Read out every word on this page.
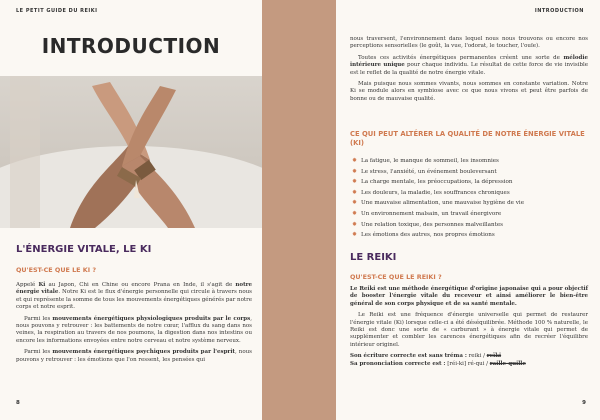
LE PETIT GUIDE DU REIKI
INTRODUCTION
L'ÉNERGIE VITALE, LE KI
QU'EST-CE QUE LE KI ?

Appelé Ki au Japon, Chi en Chine ou encore Prana en Inde, il s'agit de notre énergie vitale. Notre Ki est le flux d'énergie personnelle qui circule à travers nous et qui représente la somme de tous les mouvements énergétiques générés par notre corps et notre esprit.

Parmi les mouvements énergétiques physiologiques produits par le corps, nous pouvons y retrouver : les battements de notre cœur, l'afflux du sang dans nos veines, la respiration au travers de nos poumons, la digestion dans nos intestins ou encore les informations envoyées entre notre cerveau et notre système nerveux.

Parmi les mouvements énergétiques psychiques produits par l'esprit, nous pouvons y retrouver : les émotions que l'on ressent, les pensées qui

8
INTRODUCTION

nous traversent, l'environnement dans lequel nous nous trouvons ou encore nos perceptions sensorielles (le goût, la vue, l'odorat, le toucher, l'ouïe).

Toutes ces activités énergétiques permanentes créent une sorte de mélodie intérieure unique pour chaque individu. Le résultat de cette force de vie invisible est le reflet de la qualité de notre énergie vitale.

Mais puisque nous sommes vivants, nous sommes en constante variation. Notre Ki se module alors en symbiose avec ce que nous vivons et peut être parfois de bonne ou de mauvaise qualité.

CE QUI PEUT ALTÉRER LA QUALITÉ DE NOTRE ÉNERGIE VITALE (KI)
✸ La fatigue, le manque de sommeil, les insomnies
✸ Le stress, l'anxiété, un événement bouleversant
✸ La charge mentale, les préoccupations, la dépression
✸ Les douleurs, la maladie, les souffrances chroniques
✸ Une mauvaise alimentation, une mauvaise hygiène de vie
✸ Un environnement malsain, un travail énergivore
✸ Une relation toxique, des personnes malveillantes
✸ Les émotions des autres, nos propres émotions
LE REIKI
QU'EST-CE QUE LE REIKI ?

Le Reiki est une méthode énergétique d'origine japonaise qui a pour objectif de booster l'énergie vitale du receveur et ainsi améliorer le bien-être général de son corps physique et de sa santé mentale.

Le Reiki est une fréquence d'énergie universelle qui permet de restaurer l'énergie vitale (Ki) lorsque celle-ci a été déséquilibrée. Méthode 100 % naturelle, le Reiki est donc une sorte de « carburant » à énergie vitale qui permet de supplémenter et combler les carences énergétiques afin de recréer l'équilibre intérieur originel.

Son écriture correcte est sans tréma : reiki / reïki

Sa prononciation correcte est : [réi-ki] ré-qui / raille-quille

9
